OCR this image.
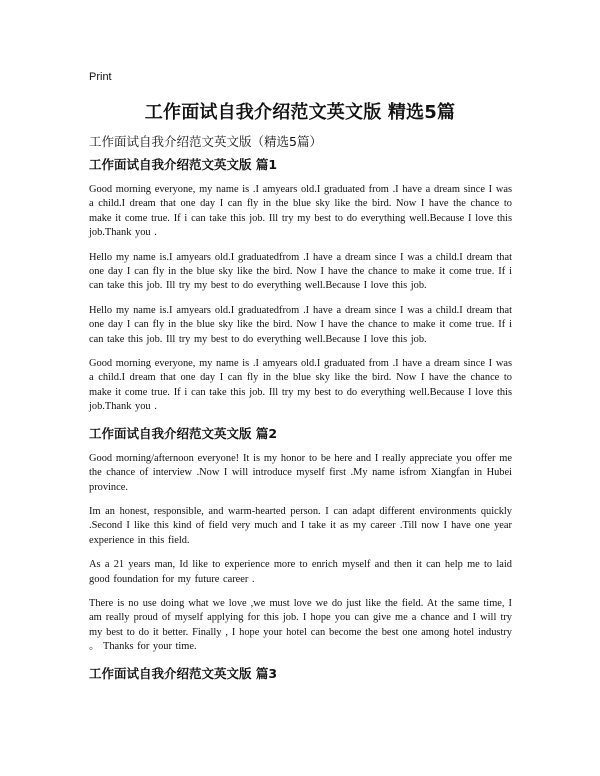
Print
工作面试自我介绍范文英文版 精选5篇
工作面试自我介绍范文英文版（精选5篇）
工作面试自我介绍范文英文版 篇1

Good morning everyone, my name is .I amyears old.I graduated from .I have a dream since I was a child.I dream that one day I can fly in the blue sky like the bird. Now I have the chance to make it come true. If i can take this job. Ill try my best to do everything well.Because I love this job.Thank you .

Hello my name is.I amyears old.I graduatedfrom .I have a dream since I was a child.I dream that one day I can fly in the blue sky like the bird. Now I have the chance to make it come true. If i can take this job. Ill try my best to do everything well.Because I love this job.

Hello my name is.I amyears old.I graduatedfrom .I have a dream since I was a child.I dream that one day I can fly in the blue sky like the bird. Now I have the chance to make it come true. If i can take this job. Ill try my best to do everything well.Because I love this job.

Good morning everyone, my name is .I amyears old.I graduated from .I have a dream since I was a child.I dream that one day I can fly in the blue sky like the bird. Now I have the chance to make it come true. If i can take this job. Ill try my best to do everything well.Because I love this job.Thank you .

工作面试自我介绍范文英文版 篇2

Good morning/afternoon everyone! It is my honor to be here and I really appreciate you offer me the chance of interview .Now I will introduce myself first .My name isfrom Xiangfan in Hubei province.

Im an honest, responsible, and warm-hearted person. I can adapt different environments quickly .Second I like this kind of field very much and I take it as my career .Till now I have one year experience in this field.

As a 21 years man, Id like to experience more to enrich myself and then it can help me to laid good foundation for my future career .

There is no use doing what we love ,we must love we do just like the field. At the same time, I am really proud of myself applying for this job. I hope you can give me a chance and I will try my best to do it better. Finally , I hope your hotel can become the best one among hotel industry 。 Thanks for your time.

工作面试自我介绍范文英文版 篇3
